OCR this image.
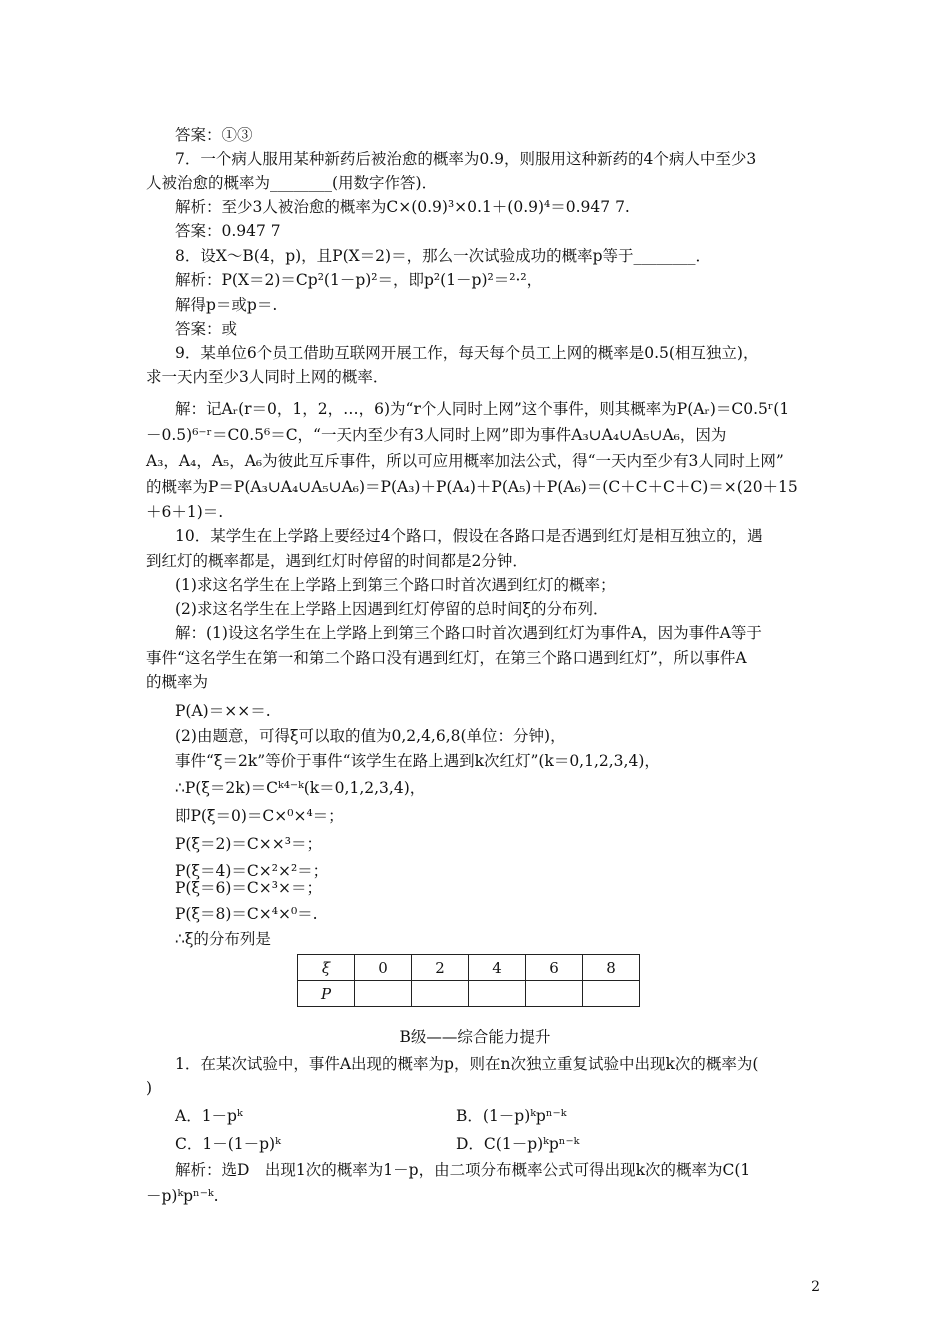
答案：①③
7．一个病人服用某种新药后被治愈的概率为0.9，则服用这种新药的4个病人中至少3
人被治愈的概率为________(用数字作答)．
解析：至少3人被治愈的概率为C×(0.9)³×0.1＋(0.9)⁴＝0.947 7.
答案：0.947 7
8．设X～B(4，p)，且P(X＝2)＝，那么一次试验成功的概率p等于________．
解析：P(X＝2)＝Cp²(1－p)²＝，即p²(1－p)²＝²·²，
解得p＝或p＝.
答案：或
9．某单位6个员工借助互联网开展工作，每天每个员工上网的概率是0.5(相互独立)，
求一天内至少3人同时上网的概率．
解：记Aᵣ(r＝0，1，2，…，6)为“r个人同时上网”这个事件，则其概率为P(Aᵣ)＝C0.5ʳ(1
－0.5)⁶⁻ʳ＝C0.5⁶＝C，“一天内至少有3人同时上网”即为事件A₃∪A₄∪A₅∪A₆，因为
A₃，A₄，A₅，A₆为彼此互斥事件，所以可应用概率加法公式，得“一天内至少有3人同时上网”
的概率为P＝P(A₃∪A₄∪A₅∪A₆)＝P(A₃)＋P(A₄)＋P(A₅)＋P(A₆)＝(C＋C＋C＋C)＝×(20＋15
＋6＋1)＝.
10．某学生在上学路上要经过4个路口，假设在各路口是否遇到红灯是相互独立的，遇
到红灯的概率都是，遇到红灯时停留的时间都是2分钟．
(1)求这名学生在上学路上到第三个路口时首次遇到红灯的概率；
(2)求这名学生在上学路上因遇到红灯停留的总时间ξ的分布列．
解：(1)设这名学生在上学路上到第三个路口时首次遇到红灯为事件A，因为事件A等于
事件“这名学生在第一和第二个路口没有遇到红灯，在第三个路口遇到红灯”，所以事件A
的概率为
P(A)＝××＝.
(2)由题意，可得ξ可以取的值为0,2,4,6,8(单位：分钟)，
事件“ξ＝2k”等价于事件“该学生在路上遇到k次红灯”(k＝0,1,2,3,4)，
∴P(ξ＝2k)＝Cᵏ⁴⁻ᵏ(k＝0,1,2,3,4)，
即P(ξ＝0)＝C×⁰×⁴＝；
P(ξ＝2)＝C××³＝；
P(ξ＝4)＝C×²×²＝；
P(ξ＝6)＝C×³×＝；
P(ξ＝8)＝C×⁴×⁰＝.
∴ξ的分布列是
ξ	0	2	4	6	8
P					
B级——综合能力提升
1．在某次试验中，事件A出现的概率为p，则在n次独立重复试验中出现k次的概率为(
)
A．1－pᵏ	B．(1－p)ᵏpⁿ⁻ᵏ
C．1－(1－p)ᵏ	D．C(1－p)ᵏpⁿ⁻ᵏ
解析：选D　出现1次的概率为1－p，由二项分布概率公式可得出现k次的概率为C(1
－p)ᵏpⁿ⁻ᵏ.
2
